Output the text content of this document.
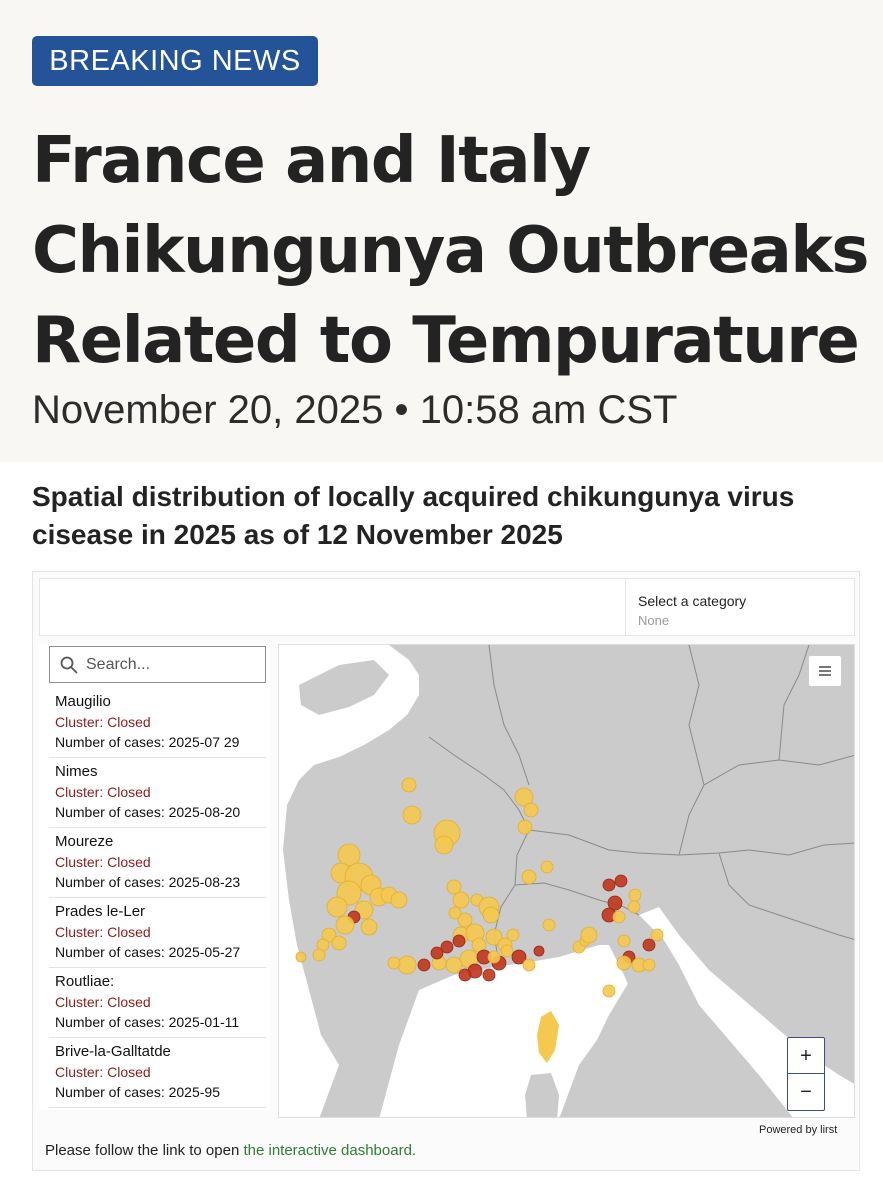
BREAKING NEWS
France and Italy Chikungunya Outbreaks Related to Tempurature
November 20, 2025 • 10:58 am CST
Spatial distribution of locally acquired chikungunya virus cisease in 2025 as of 12 November 2025
Select a category
None
Search...
Maugilio
Cluster: Closed
Number of cases: 2025-07 29
Nimes
Cluster: Closed
Number of cases: 2025-08-20
Moureze
Cluster: Closed
Number of cases: 2025-08-23
Prades le-Ler
Cluster: Closed
Number of cases: 2025-05-27
Routliae:
Cluster: Closed
Number of cases: 2025-01-11
Brive-la-Galltatde
Cluster: Closed
Number of cases: 2025-95
+
−
Powered by lirst
Please follow the link to open the interactive dashboard.
